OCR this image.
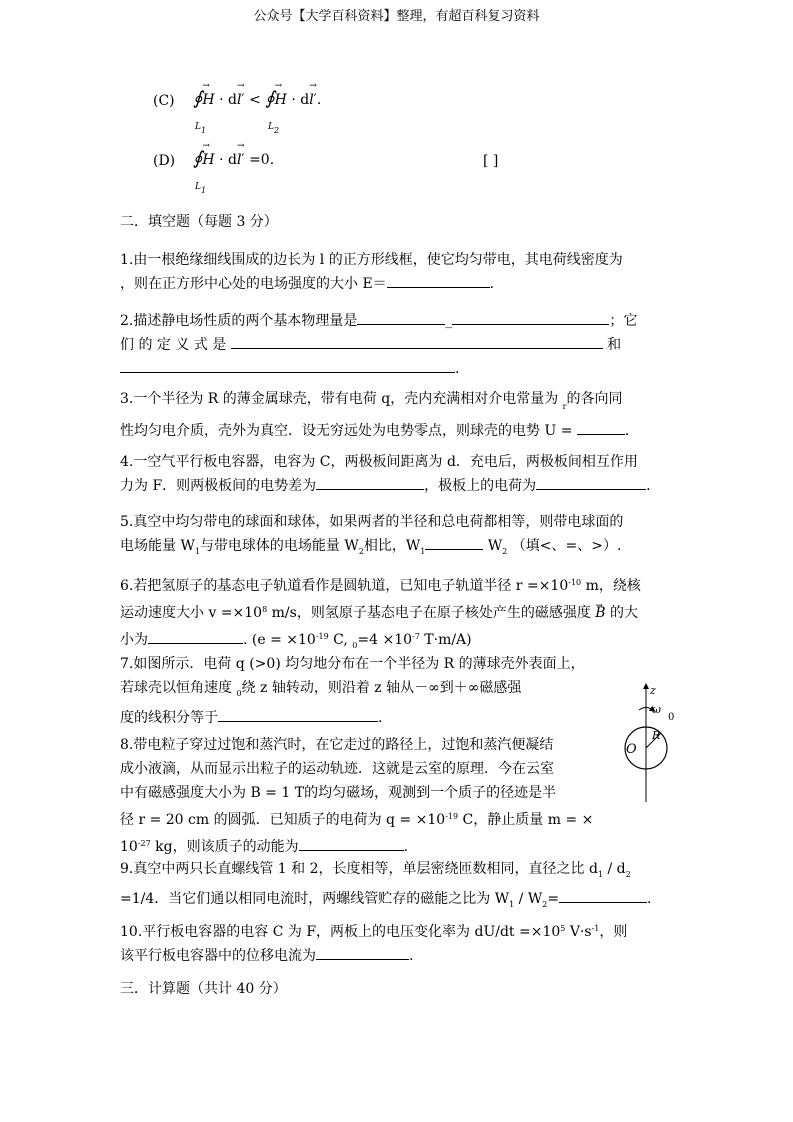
公众号【大学百科资料】整理，有超百科复习资料
(C) ∮→ H · d→ l′ < ∮→ H · d→ l′.
$L_1$	$L_2$
(D) ∮→ H · d→ l′ =0.
$L_1$
[ ]
二．填空题（每题 3 分）
1.由一根绝缘细线围成的边长为 l 的正方形线框，使它均匀带电，其电荷线密度为
，则在正方形中心处的电场强度的大小 E＝	.
2.描述静电场性质的两个基本物理量是	_	；它
们 的 定 义 式 是	和
.
3.一个半径为 R 的薄金属球壳，带有电荷 q，壳内充满相对介电常量为 $_r$的各向同
性均匀电介质，壳外为真空．设无穷远处为电势零点，则球壳的电势 U =	.
4.一空气平行板电容器，电容为 C，两极板间距离为 d．充电后，两极板间相互作用
力为 F．则两极板间的电势差为	，极板上的电荷为	.
5.真空中均匀带电的球面和球体，如果两者的半径和总电荷都相等，则带电球面的
电场能量 $W_1$与带电球体的电场能量 $W_2$相比，$W_1$	$W_2$ （填<、=、>）.
6.若把氢原子的基态电子轨道看作是圆轨道，已知电子轨道半径 $r =\times 10^{-10}$ m，绕核
运动速度大小 $v =\times 10^8$ m/s，则氢原子基态电子在原子核处产生的磁感强度 → B 的大
小为	. ($e = \times 10^{-19}$ C, $_0=4 \times 10^{-7}$ T·m/A)
7.如图所示．电荷 q (>0) 均匀地分布在一个半径为 R 的薄球壳外表面上，
若球壳以恒角速度 $_0$绕 z 轴转动，则沿着 z 轴从－∞到＋∞磁感强
度的线积分等于	.
z
ω
0
R
O
8.带电粒子穿过过饱和蒸汽时，在它走过的路径上，过饱和蒸汽便凝结
成小液滴，从而显示出粒子的运动轨迹．这就是云室的原理．今在云室
中有磁感强度大小为 B = 1 T的均匀磁场，观测到一个质子的径迹是半
径 r = 20 cm 的圆弧．已知质子的电荷为 $q = \times 10^{-19}$ C，静止质量 m = ×
$10^{-27}$ kg，则该质子的动能为	.
9.真空中两只长直螺线管 1 和 2，长度相等，单层密绕匝数相同，直径之比 $d_1 / d_2$
=1/4．当它们通以相同电流时，两螺线管贮存的磁能之比为 $W_1 / W_2=$	.
10.平行板电容器的电容 C 为 F，两板上的电压变化率为 $dU/dt =\times 10^5$ $V\cdot s^{-1}$，则
该平行板电容器中的位移电流为	.
三．计算题（共计 40 分）
